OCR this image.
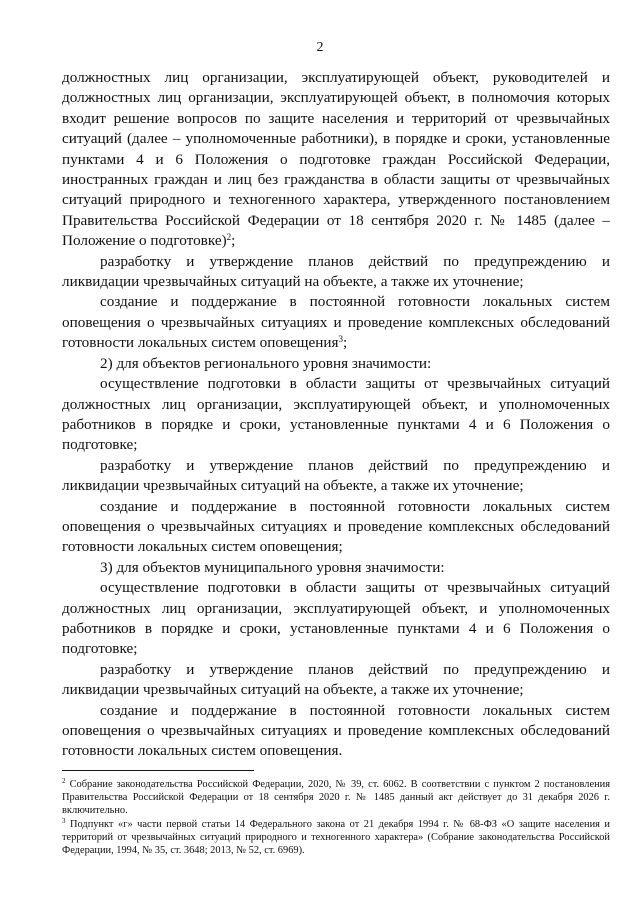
2

должностных лиц организации, эксплуатирующей объект, руководителей и должностных лиц организации, эксплуатирующей объект, в полномочия которых входит решение вопросов по защите населения и территорий от чрезвычайных ситуаций (далее – уполномоченные работники), в порядке и сроки, установленные пунктами 4 и 6 Положения о подготовке граждан Российской Федерации, иностранных граждан и лиц без гражданства в области защиты от чрезвычайных ситуаций природного и техногенного характера, утвержденного постановлением Правительства Российской Федерации от 18 сентября 2020 г. № 1485 (далее – Положение о подготовке)$^2$;

разработку и утверждение планов действий по предупреждению и ликвидации чрезвычайных ситуаций на объекте, а также их уточнение;

создание и поддержание в постоянной готовности локальных систем оповещения о чрезвычайных ситуациях и проведение комплексных обследований готовности локальных систем оповещения$^3$;

2) для объектов регионального уровня значимости:

осуществление подготовки в области защиты от чрезвычайных ситуаций должностных лиц организации, эксплуатирующей объект, и уполномоченных работников в порядке и сроки, установленные пунктами 4 и 6 Положения о подготовке;

разработку и утверждение планов действий по предупреждению и ликвидации чрезвычайных ситуаций на объекте, а также их уточнение;

создание и поддержание в постоянной готовности локальных систем оповещения о чрезвычайных ситуациях и проведение комплексных обследований готовности локальных систем оповещения;

3) для объектов муниципального уровня значимости:

осуществление подготовки в области защиты от чрезвычайных ситуаций должностных лиц организации, эксплуатирующей объект, и уполномоченных работников в порядке и сроки, установленные пунктами 4 и 6 Положения о подготовке;

разработку и утверждение планов действий по предупреждению и ликвидации чрезвычайных ситуаций на объекте, а также их уточнение;

создание и поддержание в постоянной готовности локальных систем оповещения о чрезвычайных ситуациях и проведение комплексных обследований готовности локальных систем оповещения.

$^2$ Собрание законодательства Российской Федерации, 2020, № 39, ст. 6062. В соответствии с пунктом 2 постановления Правительства Российской Федерации от 18 сентября 2020 г. № 1485 данный акт действует до 31 декабря 2026 г. включительно.

$^3$ Подпункт «г» части первой статьи 14 Федерального закона от 21 декабря 1994 г. № 68-ФЗ «О защите населения и территорий от чрезвычайных ситуаций природного и техногенного характера» (Собрание законодательства Российской Федерации, 1994, № 35, ст. 3648; 2013, № 52, ст. 6969).
